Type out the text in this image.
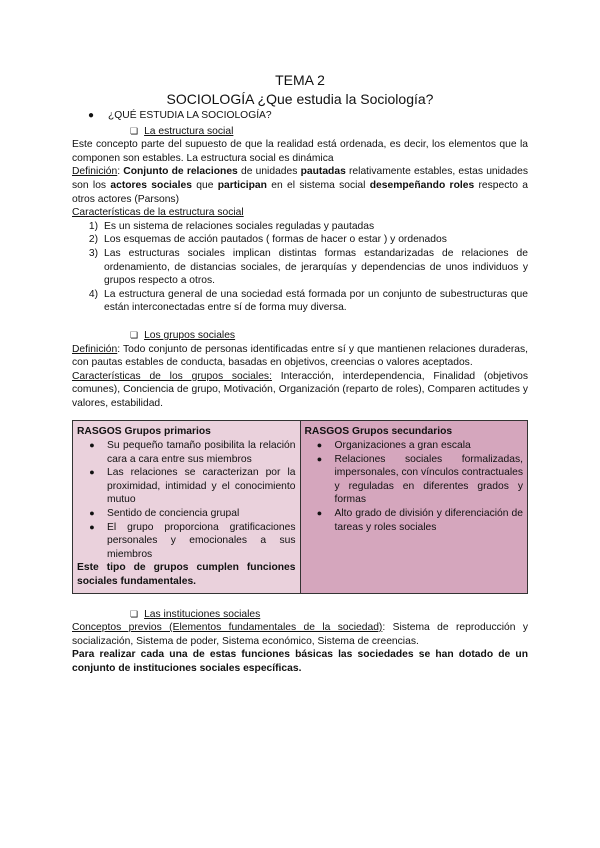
TEMA 2

SOCIOLOGÍA ¿Que estudia la Sociología?

●	¿QUÉ ESTUDIA LA SOCIOLOGÍA?
❏ La estructura social

Este concepto parte del supuesto de que la realidad está ordenada, es decir, los elementos que la componen son estables. La estructura social es dinámica

Definición: Conjunto de relaciones de unidades pautadas relativamente estables, estas unidades son los actores sociales que participan en el sistema social desempeñando roles respecto a otros actores (Parsons)

Características de la estructura social

1) Es un sistema de relaciones sociales reguladas y pautadas
2) Los esquemas de acción pautados ( formas de hacer o estar ) y ordenados
3) Las estructuras sociales implican distintas formas estandarizadas de relaciones de ordenamiento, de distancias sociales, de jerarquías y dependencias de unos individuos y grupos respecto a otros.
4) La estructura general de una sociedad está formada por un conjunto de subestructuras que están interconectadas entre sí de forma muy diversa.
❏ Los grupos sociales

Definición: Todo conjunto de personas identificadas entre sí y que mantienen relaciones duraderas, con pautas estables de conducta, basadas en objetivos, creencias o valores aceptados.

Características de los grupos sociales: Interacción, interdependencia, Finalidad (objetivos comunes), Conciencia de grupo, Motivación, Organización (reparto de roles), Comparen actitudes y valores, estabilidad.

RASGOS Grupos primarios
●	Su pequeño tamaño posibilita la relación cara a cara entre sus miembros
●	Las relaciones se caracterizan por la proximidad, intimidad y el conocimiento mutuo
●	Sentido de conciencia grupal
●	El grupo proporciona gratificaciones personales y emocionales a sus miembros
Este tipo de grupos cumplen funciones sociales fundamentales.

RASGOS Grupos secundarios
●	Organizaciones a gran escala
●	Relaciones sociales formalizadas, impersonales, con vínculos contractuales y reguladas en diferentes grados y formas
●	Alto grado de división y diferenciación de tareas y roles sociales
❏ Las instituciones sociales

Conceptos previos (Elementos fundamentales de la sociedad): Sistema de reproducción y socialización, Sistema de poder, Sistema económico, Sistema de creencias.

Para realizar cada una de estas funciones básicas las sociedades se han dotado de un conjunto de instituciones sociales específicas.
